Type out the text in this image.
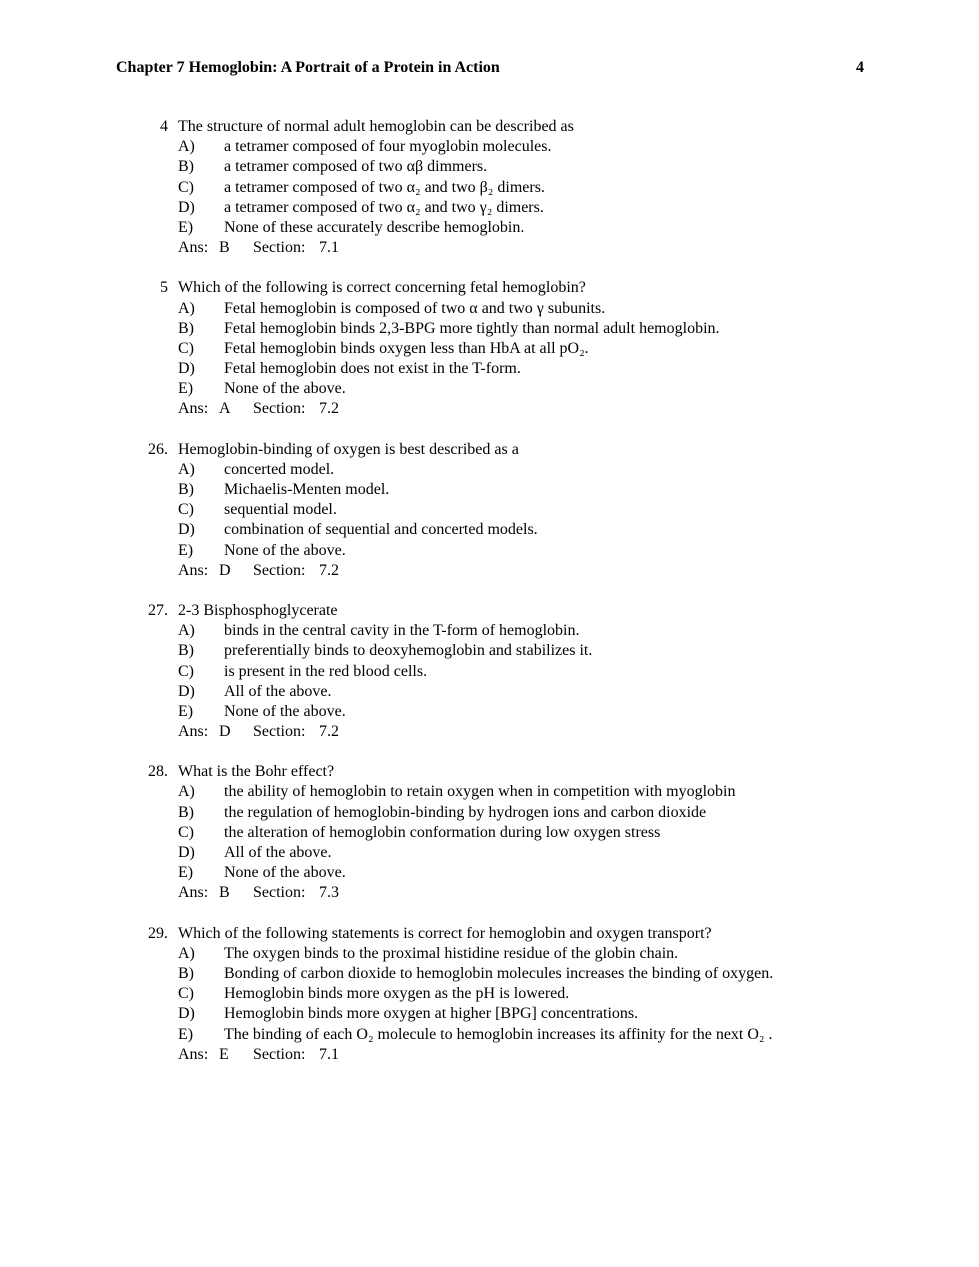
Chapter 7 Hemoglobin: A Portrait of a Protein in Action	4
4 The structure of normal adult hemoglobin can be described as
A) a tetramer composed of four myoglobin molecules.
B) a tetramer composed of two αβ dimmers.
C) a tetramer composed of two α₂ and two β₂ dimers.
D) a tetramer composed of two α₂ and two γ₂ dimers.
E) None of these accurately describe hemoglobin.
Ans: B Section: 7.1
5 Which of the following is correct concerning fetal hemoglobin?
A) Fetal hemoglobin is composed of two α and two γ subunits.
B) Fetal hemoglobin binds 2,3-BPG more tightly than normal adult hemoglobin.
C) Fetal hemoglobin binds oxygen less than HbA at all pO₂.
D) Fetal hemoglobin does not exist in the T-form.
E) None of the above.
Ans: A Section: 7.2
26. Hemoglobin-binding of oxygen is best described as a
A) concerted model.
B) Michaelis-Menten model.
C) sequential model.
D) combination of sequential and concerted models.
E) None of the above.
Ans: D Section: 7.2
27. 2-3 Bisphosphoglycerate
A) binds in the central cavity in the T-form of hemoglobin.
B) preferentially binds to deoxyhemoglobin and stabilizes it.
C) is present in the red blood cells.
D) All of the above.
E) None of the above.
Ans: D Section: 7.2
28. What is the Bohr effect?
A) the ability of hemoglobin to retain oxygen when in competition with myoglobin
B) the regulation of hemoglobin-binding by hydrogen ions and carbon dioxide
C) the alteration of hemoglobin conformation during low oxygen stress
D) All of the above.
E) None of the above.
Ans: B Section: 7.3
29. Which of the following statements is correct for hemoglobin and oxygen transport?
A) The oxygen binds to the proximal histidine residue of the globin chain.
B) Bonding of carbon dioxide to hemoglobin molecules increases the binding of oxygen.
C) Hemoglobin binds more oxygen as the pH is lowered.
D) Hemoglobin binds more oxygen at higher [BPG] concentrations.
E) The binding of each O₂ molecule to hemoglobin increases its affinity for the next O₂ .
Ans: E Section: 7.1
